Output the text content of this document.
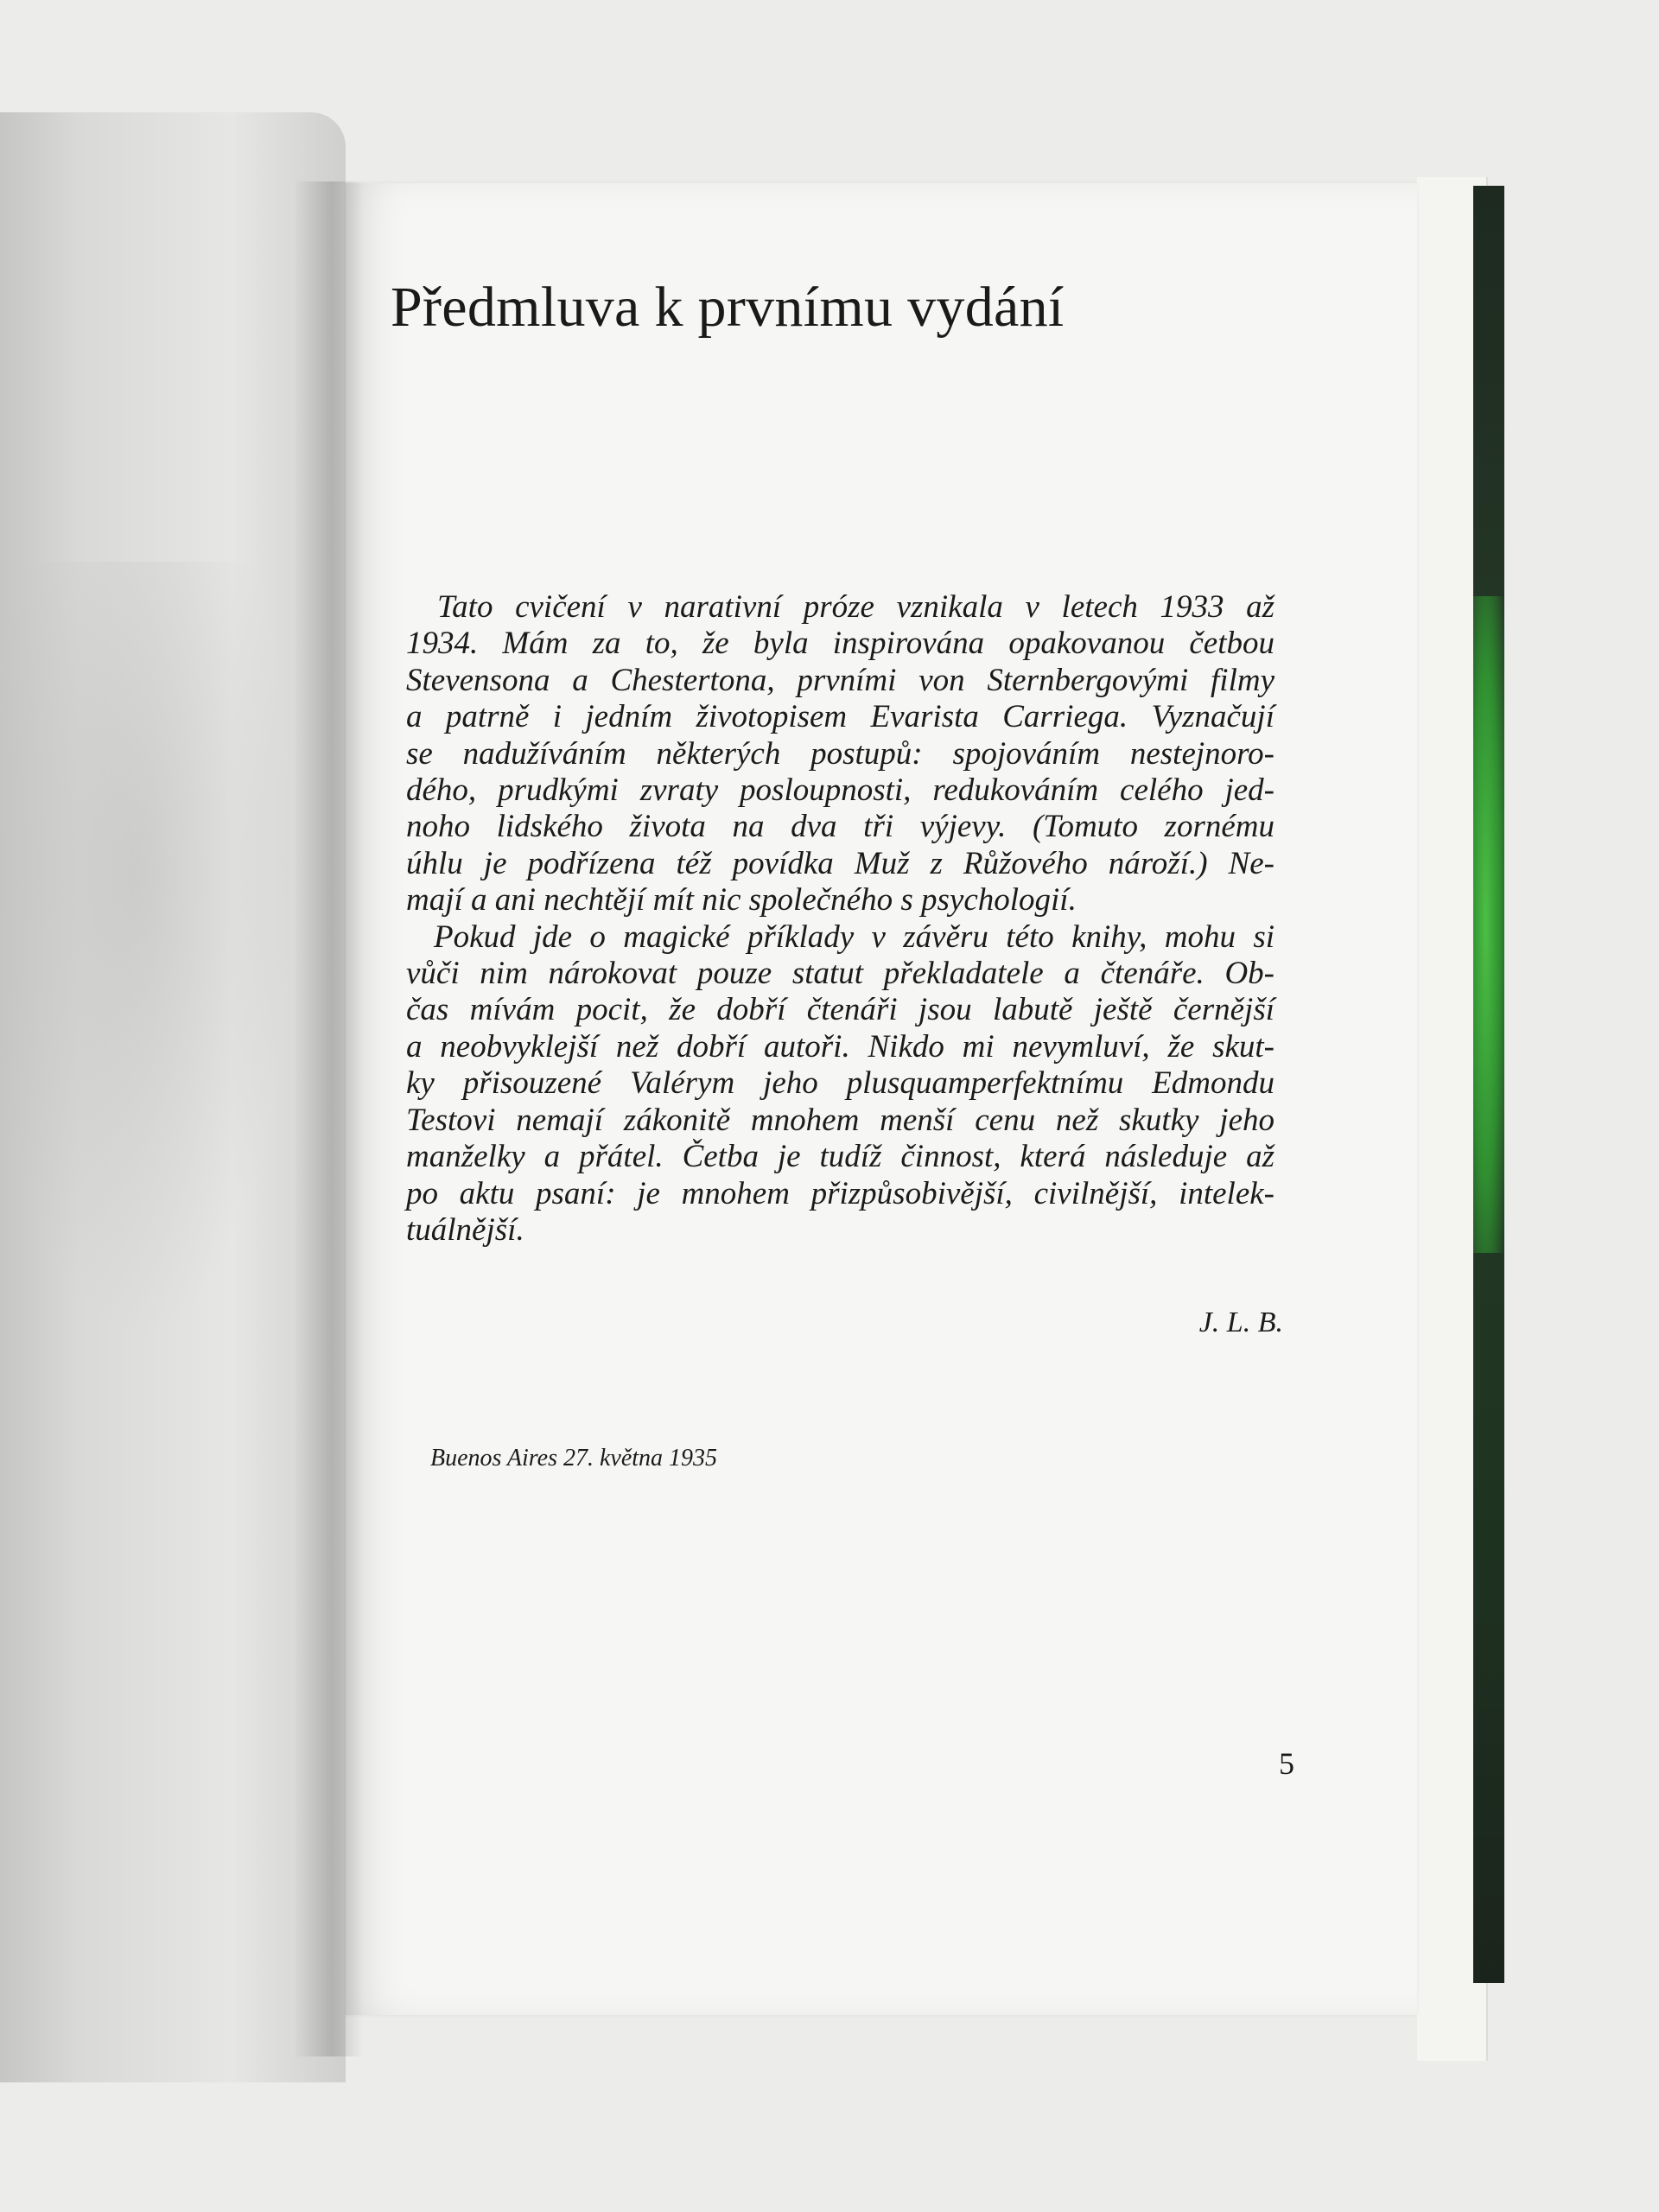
Předmluva k prvnímu vydání
Tato cvičení v narativní próze vznikala v letech 1933 až
1934. Mám za to, že byla inspirována opakovanou četbou
Stevensona a Chestertona, prvními von Sternbergovými filmy
a patrně i jedním životopisem Evarista Carriega. Vyznačují
se nadužíváním některých postupů: spojováním nestejnoro-
dého, prudkými zvraty posloupnosti, redukováním celého jed-
noho lidského života na dva tři výjevy. (Tomuto zornému
úhlu je podřízena též povídka Muž z Růžového nároží.) Ne-
mají a ani nechtějí mít nic společného s psychologií.
Pokud jde o magické příklady v závěru této knihy, mohu si
vůči nim nárokovat pouze statut překladatele a čtenáře. Ob-
čas mívám pocit, že dobří čtenáři jsou labutě ještě černější
a neobvyklejší než dobří autoři. Nikdo mi nevymluví, že skut-
ky přisouzené Valérym jeho plusquamperfektnímu Edmondu
Testovi nemají zákonitě mnohem menší cenu než skutky jeho
manželky a přátel. Četba je tudíž činnost, která následuje až
po aktu psaní: je mnohem přizpůsobivější, civilnější, intelek-
tuálnější.
J. L. B.
Buenos Aires 27. května 1935
5
